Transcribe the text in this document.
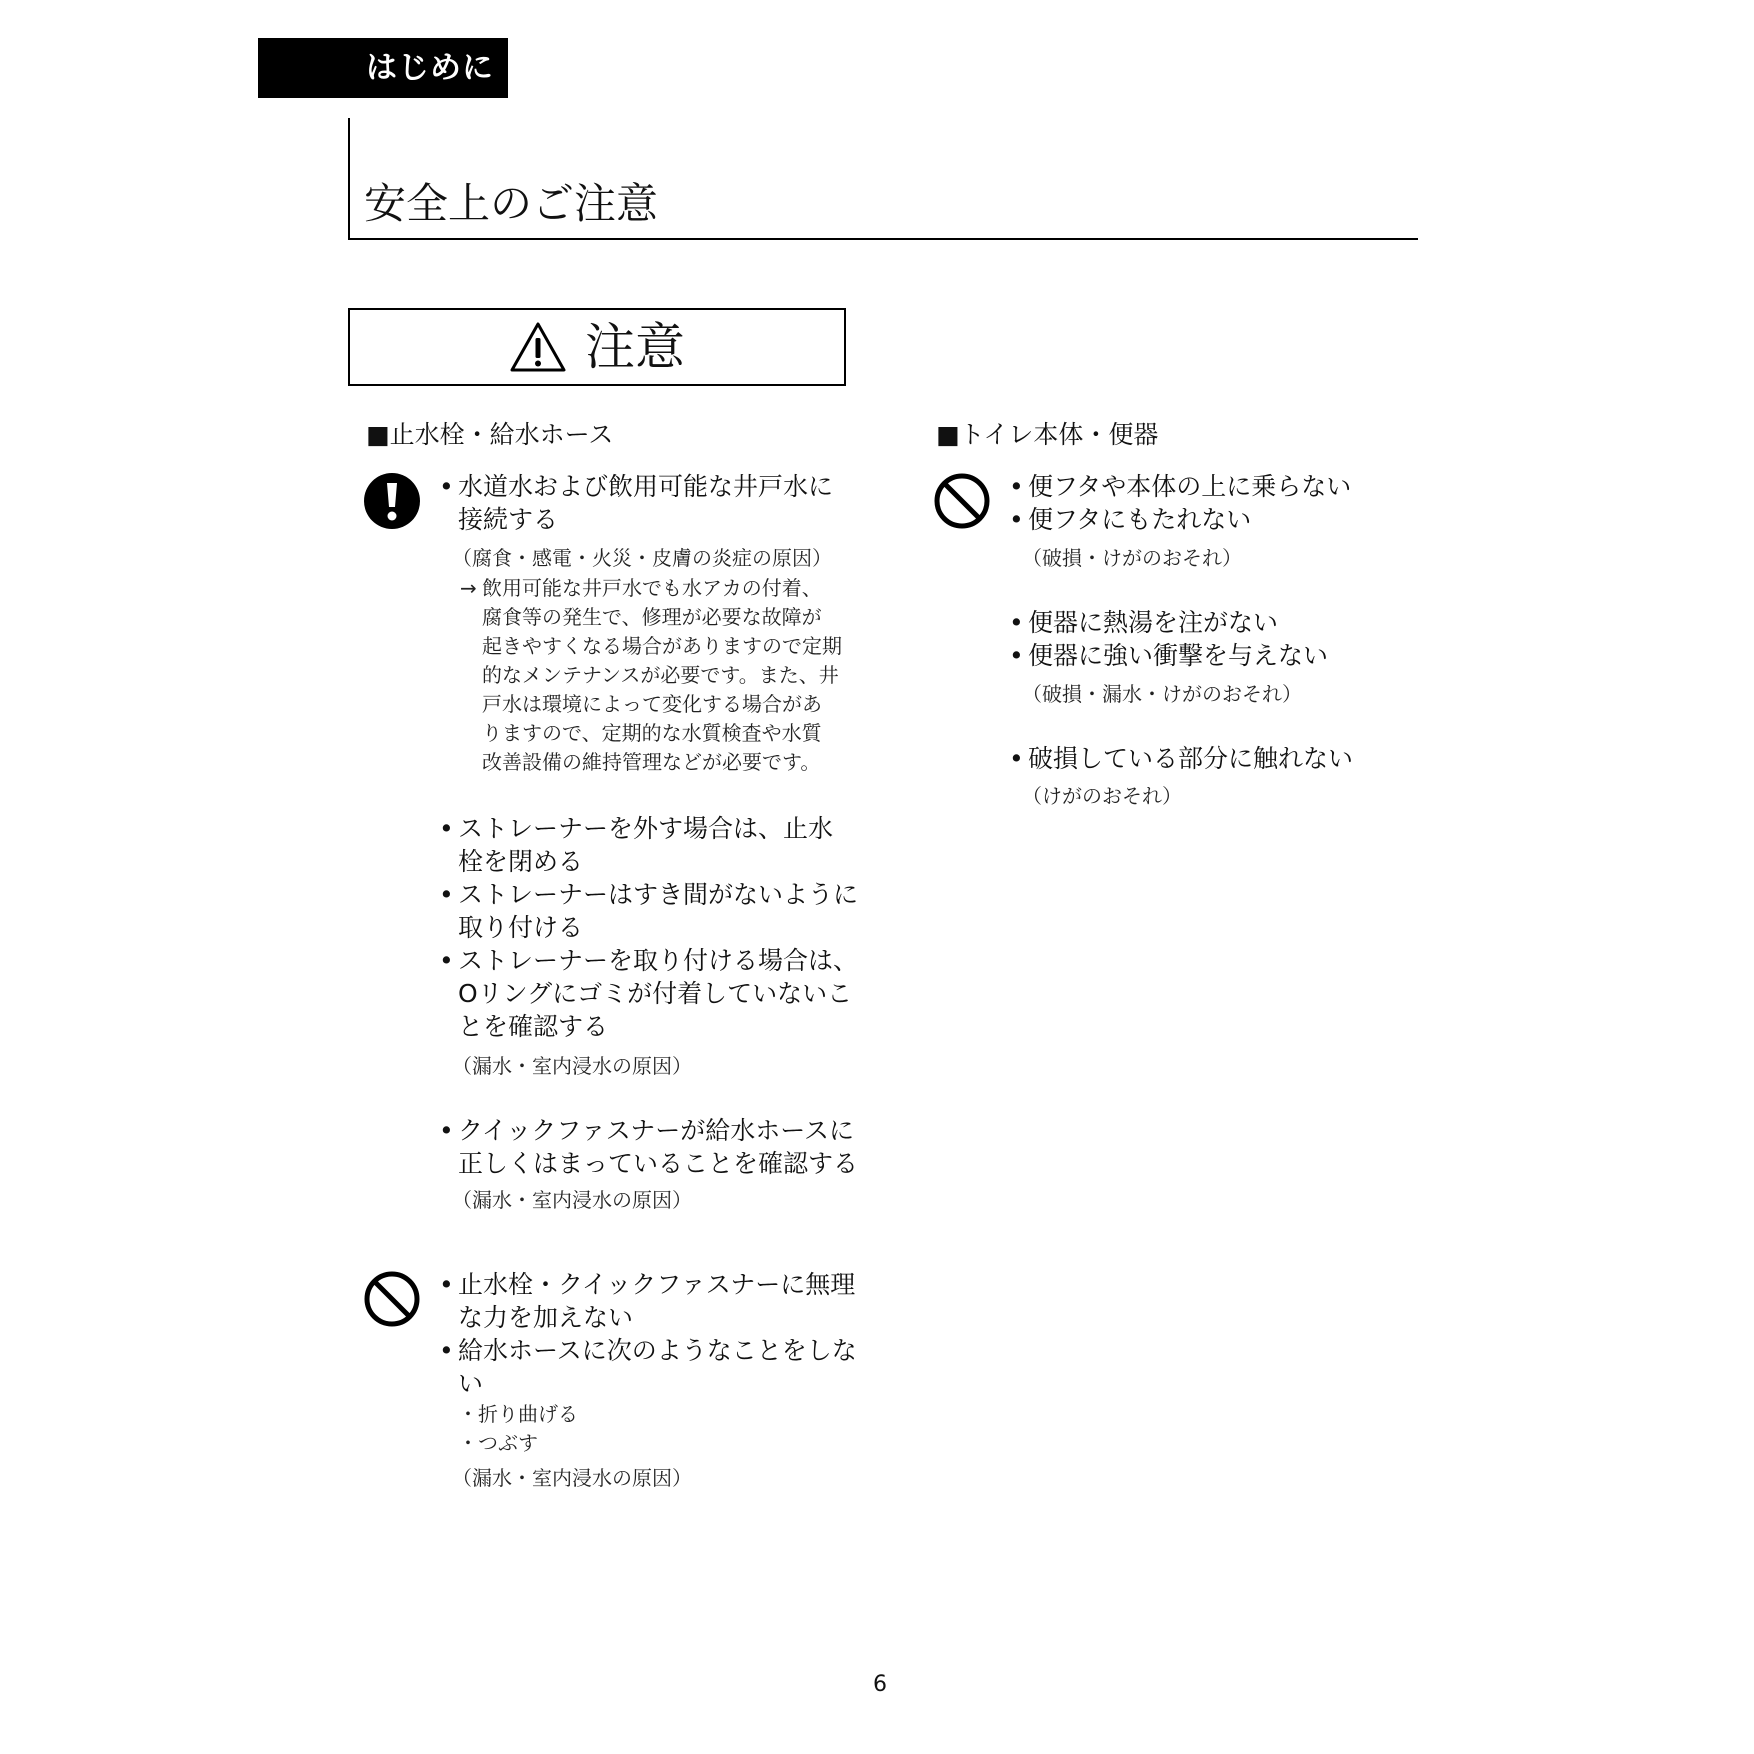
はじめに
安全上のご注意
注意
■止水栓・給水ホース
• 水道水および飲用可能な井戸水に
接続する
（腐食・感電・火災・皮膚の炎症の原因）
→ 飲用可能な井戸水でも水アカの付着、
腐食等の発生で、修理が必要な故障が
起きやすくなる場合がありますので定期
的なメンテナンスが必要です。また、井
戸水は環境によって変化する場合があ
りますので、定期的な水質検査や水質
改善設備の維持管理などが必要です。
• ストレーナーを外す場合は、止水
栓を閉める
• ストレーナーはすき間がないように
取り付ける
• ストレーナーを取り付ける場合は、
Oリングにゴミが付着していないこ
とを確認する
（漏水・室内浸水の原因）
• クイックファスナーが給水ホースに
正しくはまっていることを確認する
（漏水・室内浸水の原因）
• 止水栓・クイックファスナーに無理
な力を加えない
• 給水ホースに次のようなことをしな
い
・折り曲げる
・つぶす
（漏水・室内浸水の原因）
■トイレ本体・便器
• 便フタや本体の上に乗らない
• 便フタにもたれない
（破損・けがのおそれ）
• 便器に熱湯を注がない
• 便器に強い衝撃を与えない
（破損・漏水・けがのおそれ）
• 破損している部分に触れない
（けがのおそれ）
6
